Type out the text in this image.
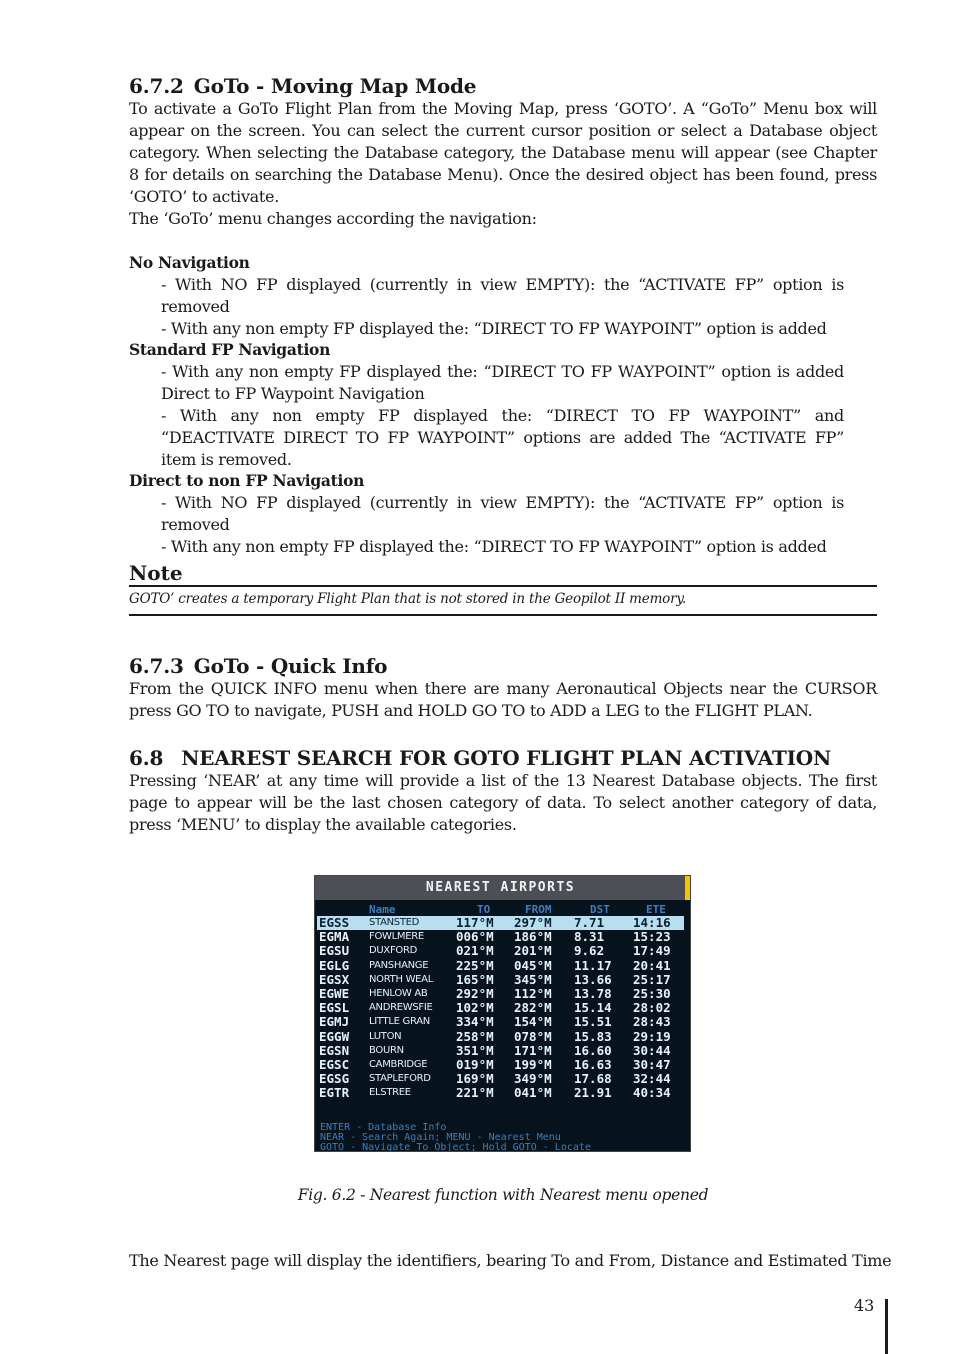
6.7.2 GoTo - Moving Map Mode

To activate a GoTo Flight Plan from the Moving Map, press ‘GOTO’. A “GoTo” Menu box will appear on the screen. You can select the current cursor position or select a Database object category. When selecting the Database category, the Database menu will appear (see Chapter 8 for details on searching the Database Menu). Once the desired object has been found, press ‘GOTO’ to activate.

The ‘GoTo’ menu changes according the navigation:

No Navigation
- With NO FP displayed (currently in view EMPTY): the “ACTIVATE FP” option is removed
- With any non empty FP displayed the: “DIRECT TO FP WAYPOINT” option is added
Standard FP Navigation
- With any non empty FP displayed the: “DIRECT TO FP WAYPOINT” option is added Direct to FP Waypoint Navigation
- With any non empty FP displayed the: “DIRECT TO FP WAYPOINT” and “DEACTIVATE DIRECT TO FP WAYPOINT” options are added The “ACTIVATE FP” item is removed.
Direct to non FP Navigation
- With NO FP displayed (currently in view EMPTY): the “ACTIVATE FP” option is removed
- With any non empty FP displayed the: “DIRECT TO FP WAYPOINT” option is added
Note
GOTO’ creates a temporary Flight Plan that is not stored in the Geopilot II memory.
6.7.3 GoTo - Quick Info

From the QUICK INFO menu when there are many Aeronautical Objects near the CURSOR press GO TO to navigate, PUSH and HOLD GO TO to ADD a LEG to the FLIGHT PLAN.

6.8 NEAREST SEARCH FOR GOTO FLIGHT PLAN ACTIVATION

Pressing ‘NEAR’ at any time will provide a list of the 13 Nearest Database objects. The first page to appear will be the last chosen category of data. To select another category of data, press ‘MENU’ to display the available categories.

Fig. 6.2 - Nearest function with Nearest menu opened

The Nearest page will display the identifiers, bearing To and From, Distance and Estimated Time

NEAREST AIRPORTS
Name	TO	FROM	DST	ETE
EGSS STANSTED	117°M 297°M 7.71 14:16
EGMA FOWLMERE	006°M 186°M 8.31 15:23
EGSU DUXFORD	021°M 201°M 9.62 17:49
EGLG PANSHANGE 225°M 045°M 11.17 20:41
EGSX NORTH WEAL 165°M 345°M 13.66 25:17
EGWE HENLOW AB 292°M 112°M 13.78 25:30
EGSL ANDREWSFIE 102°M 282°M 15.14 28:02
EGMJ LITTLE GRAN 334°M 154°M 15.51 28:43
EGGW LUTON	258°M 078°M 15.83 29:19
EGSN BOURN	351°M 171°M 16.60 30:44
EGSC CAMBRIDGE 019°M 199°M 16.63 30:47
EGSG STAPLEFORD 169°M 349°M 17.68 32:44
EGTR ELSTREE	221°M 041°M 21.91 40:34
ENTER - Database Info
NEAR - Search Again; MENU - Nearest Menu
GOTO - Navigate To Object; Hold GOTO - Locate
43
